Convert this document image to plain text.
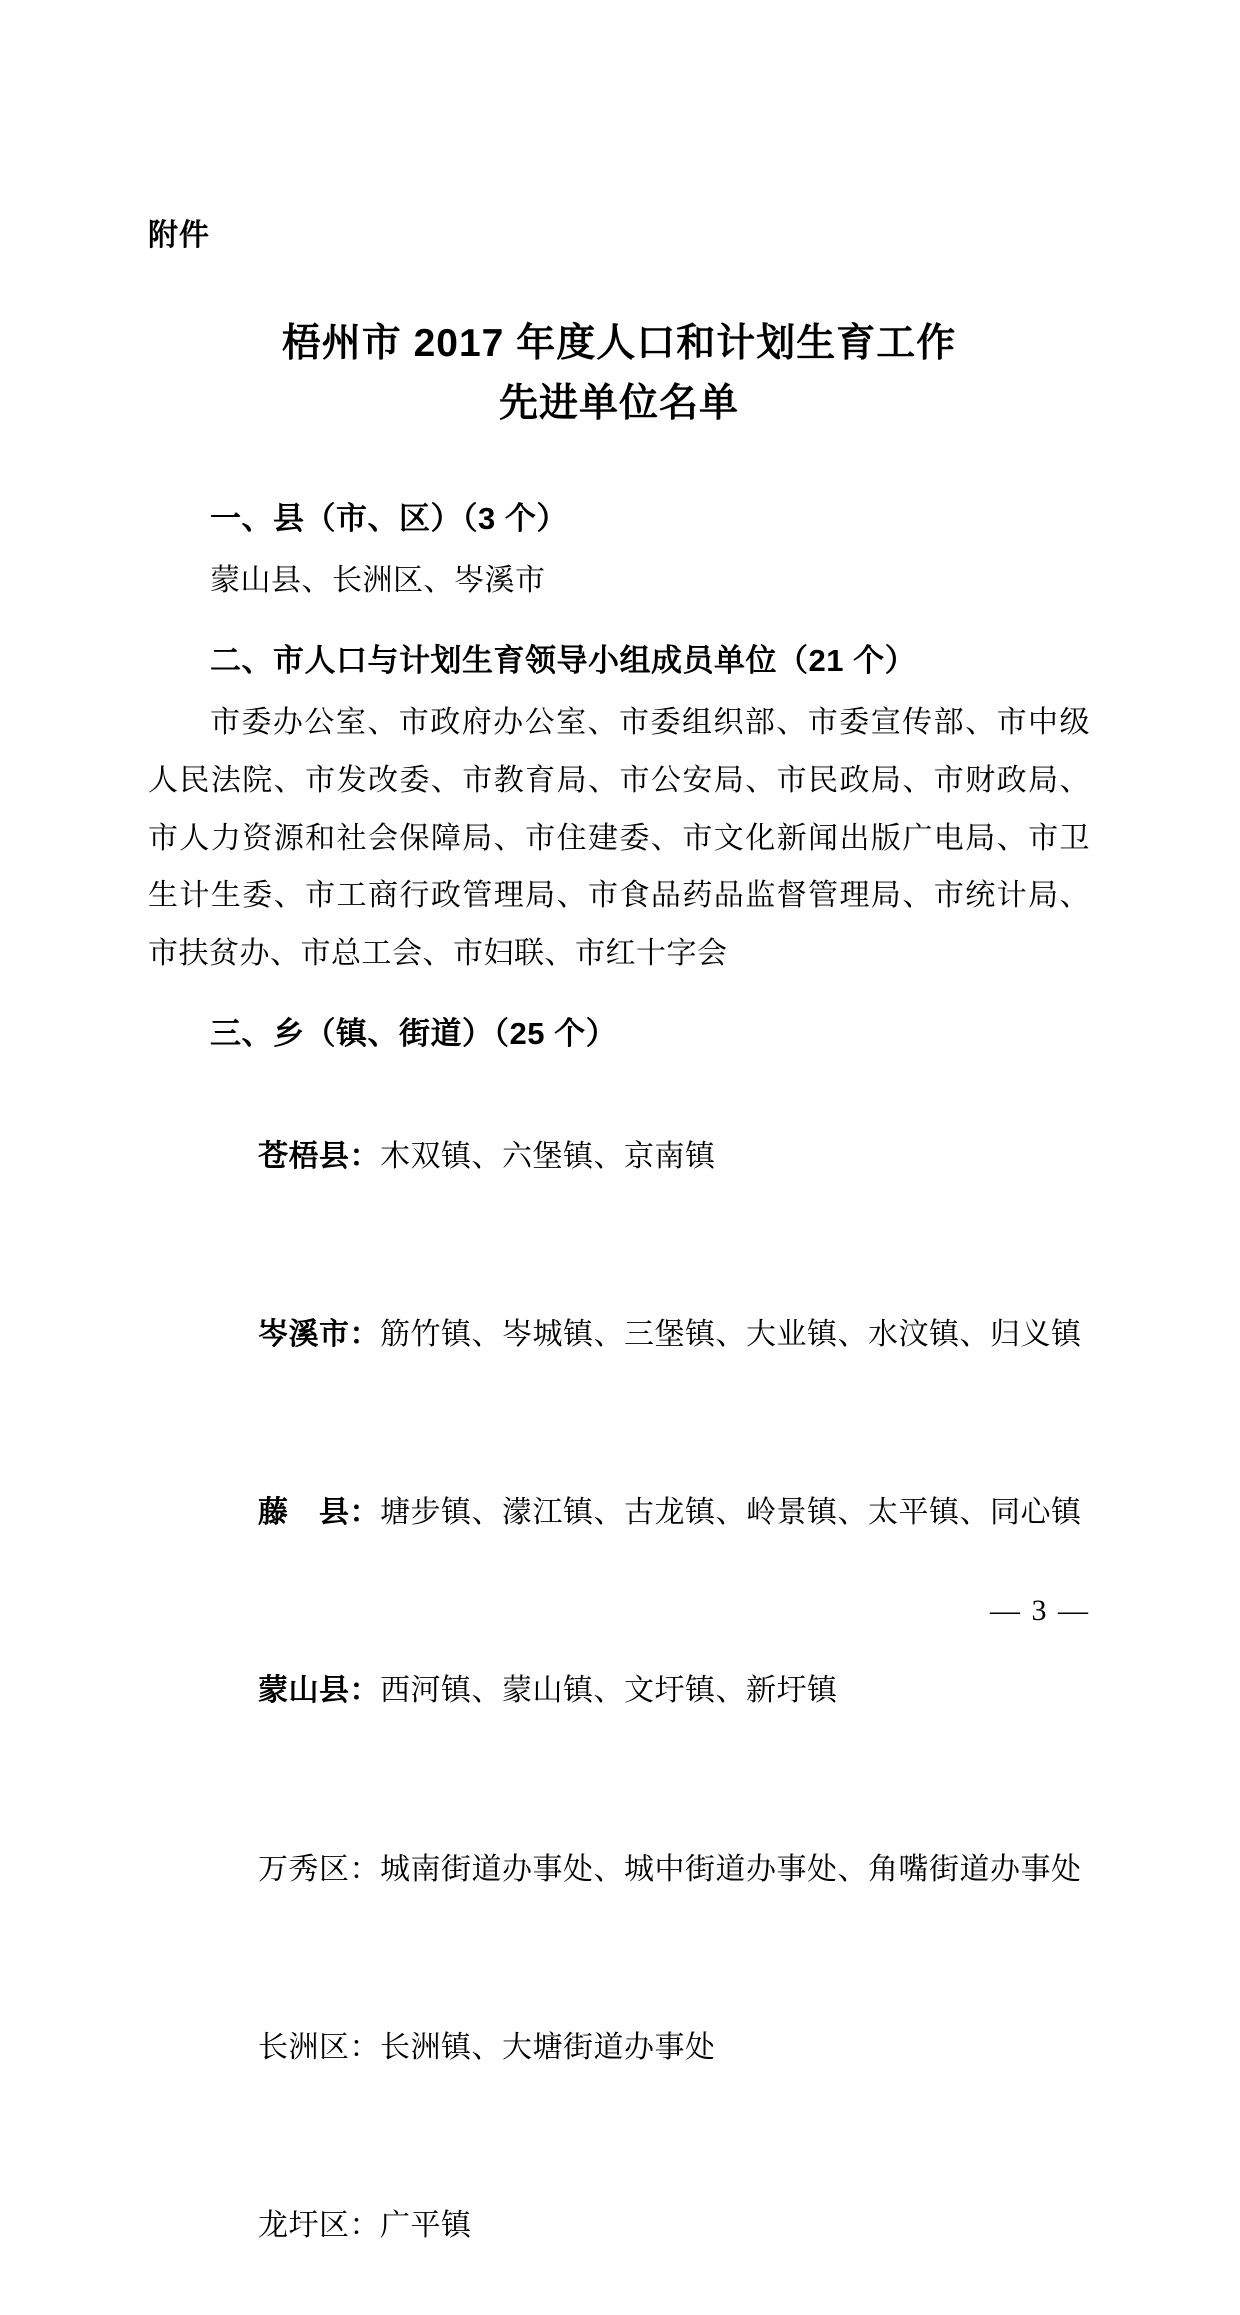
附件
梧州市 2017 年度人口和计划生育工作
先进单位名单
一、县（市、区）（3 个）
蒙山县、长洲区、岑溪市
二、市人口与计划生育领导小组成员单位（21 个）
市委办公室、市政府办公室、市委组织部、市委宣传部、市中级人民法院、市发改委、市教育局、市公安局、市民政局、市财政局、市人力资源和社会保障局、市住建委、市文化新闻出版广电局、市卫生计生委、市工商行政管理局、市食品药品监督管理局、市统计局、市扶贫办、市总工会、市妇联、市红十字会
三、乡（镇、街道）（25 个）

苍梧县：木双镇、六堡镇、京南镇

岑溪市：筋竹镇、岑城镇、三堡镇、大业镇、水汶镇、归义镇

藤　县：塘步镇、濛江镇、古龙镇、岭景镇、太平镇、同心镇

蒙山县：西河镇、蒙山镇、文圩镇、新圩镇

万秀区：城南街道办事处、城中街道办事处、角嘴街道办事处

长洲区：长洲镇、大塘街道办事处

龙圩区：广平镇

— 3 —
